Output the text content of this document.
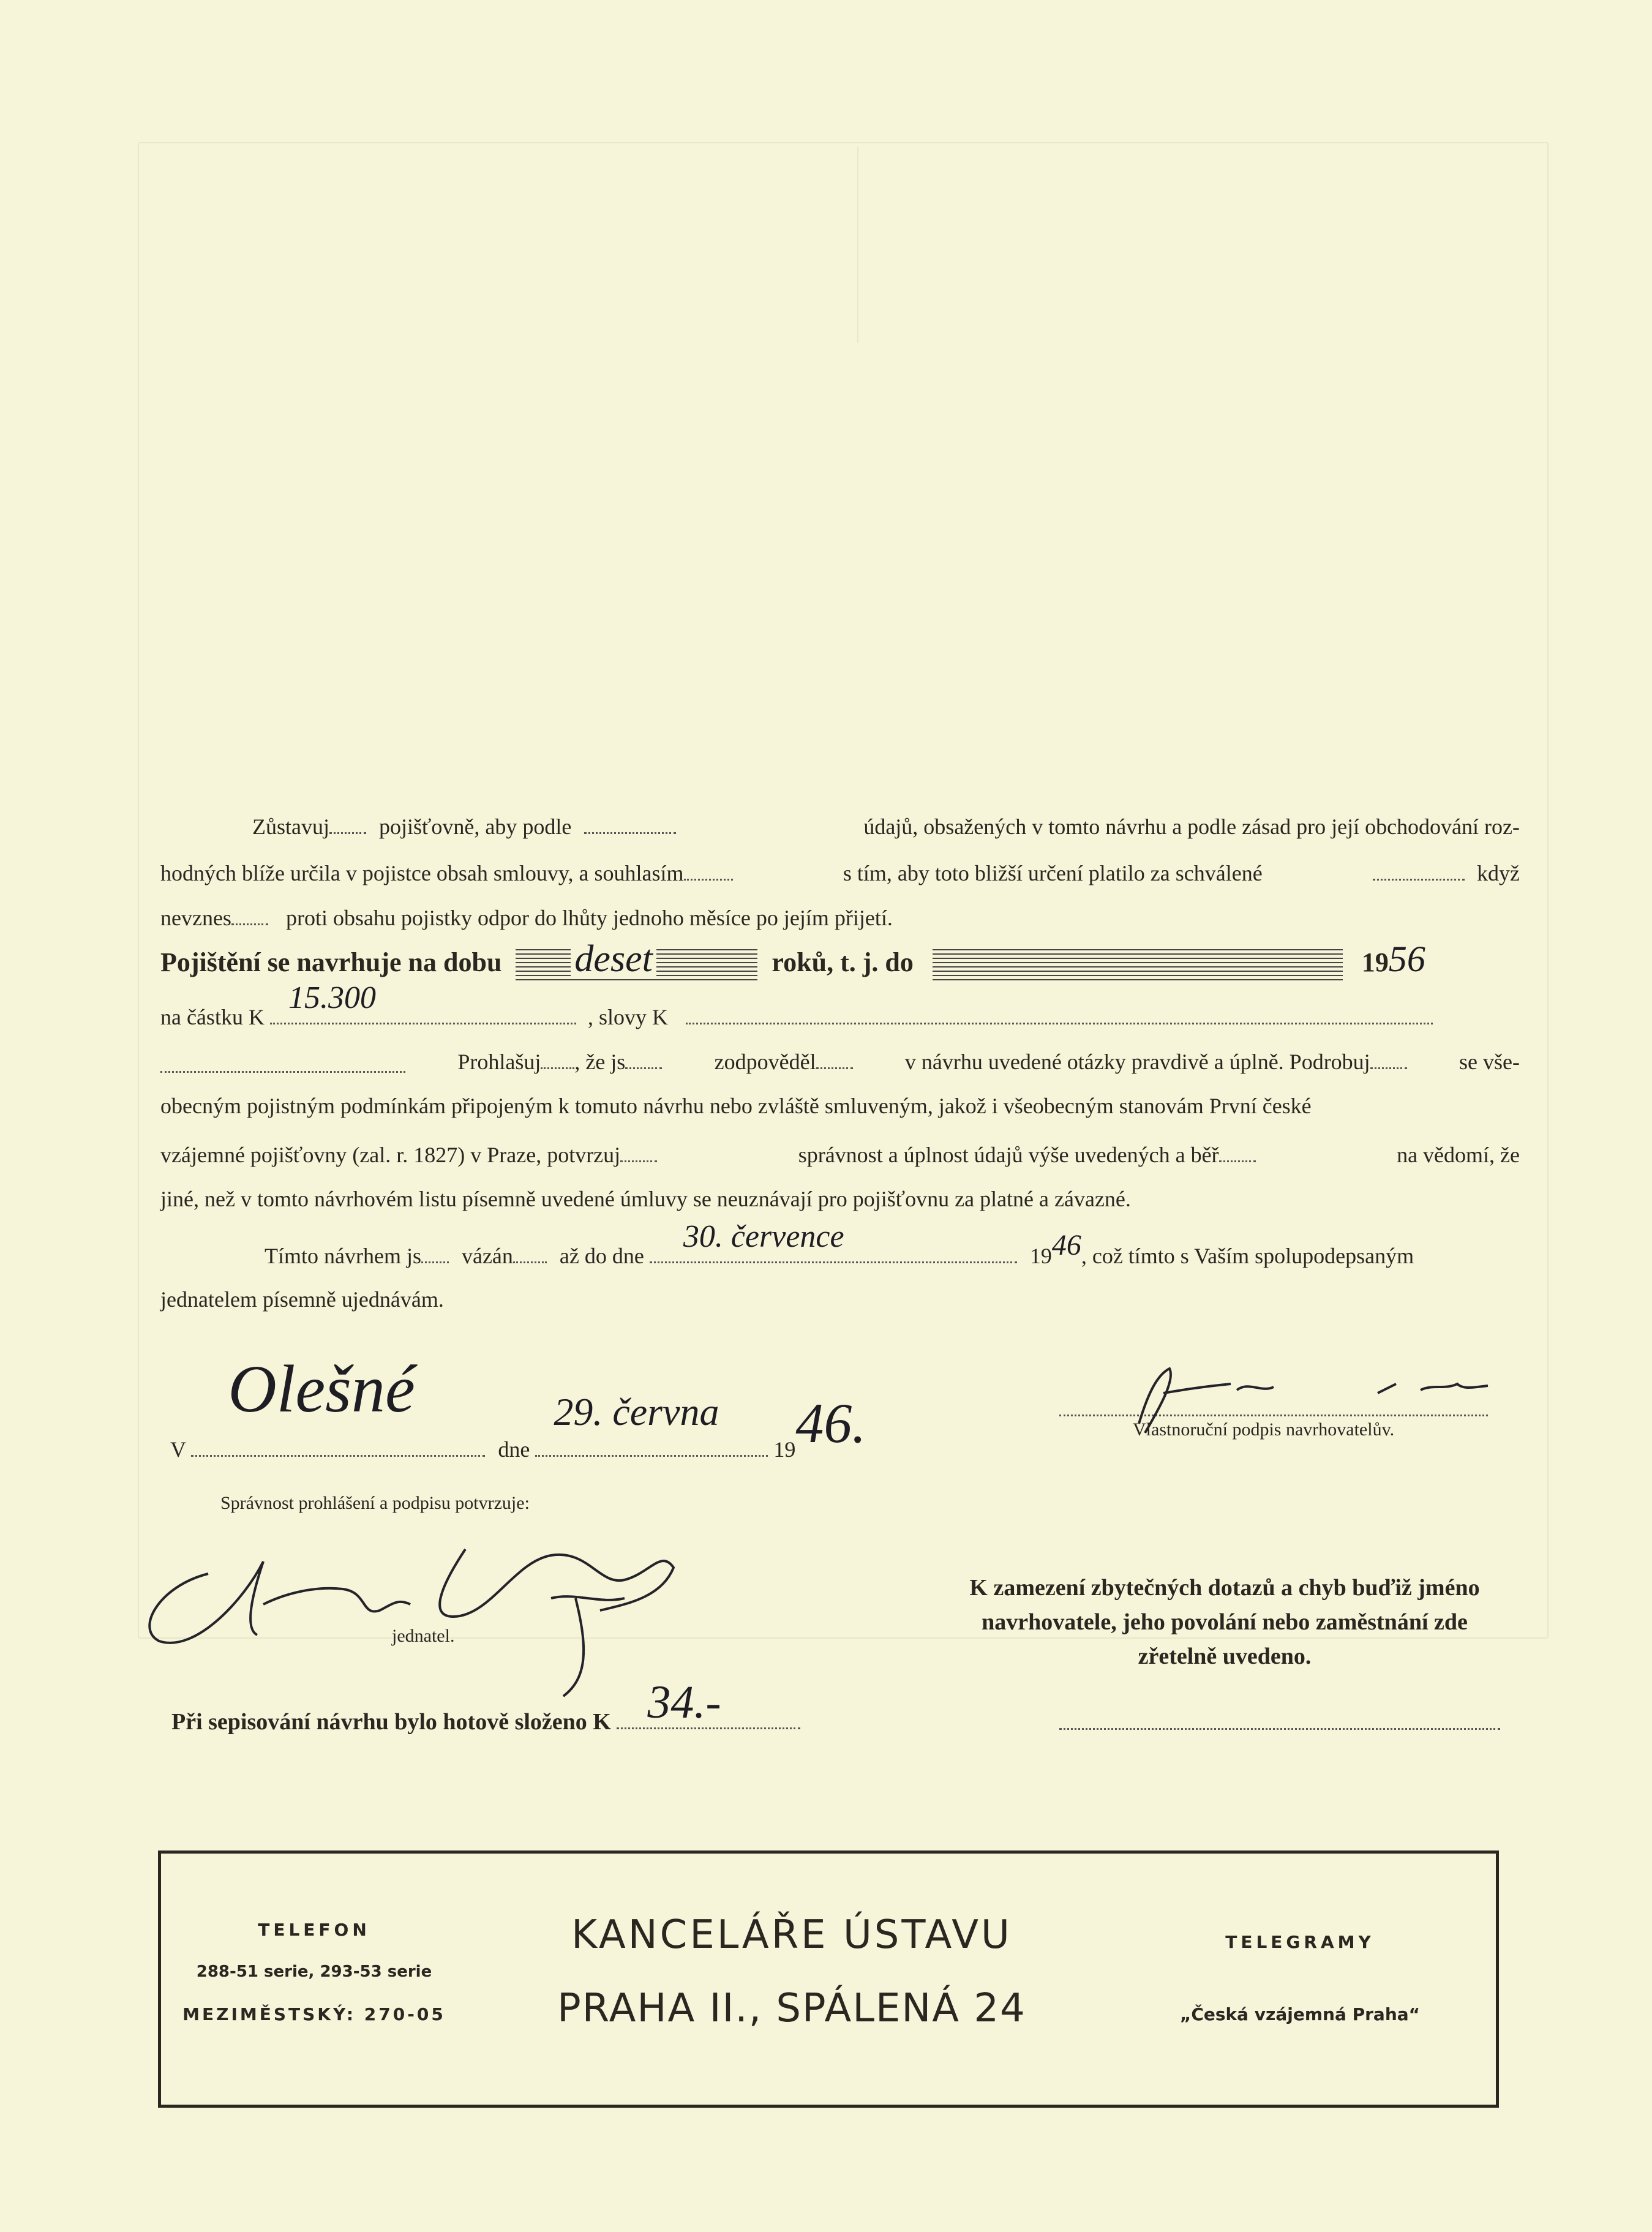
Zůstavuj pojišťovně, aby podle	údajů, obsažených v tomto návrhu a podle zásad pro její obchodování roz-
hodných blíže určila v pojistce obsah smlouvy, a souhlasím	s tím, aby toto bližší určení platilo za schválené	když
nevznes proti obsahu pojistky odpor do lhůty jednoho měsíce po jejím přijetí.
Pojištění se navrhuje na dobu deset	roků, t. j. do	1956
na částku K
15.300
, slovy K
Prohlašuj , že js	zodpověděl	v návrhu uvedené otázky pravdivě a úplně. Podrobuj	se vše-
obecným pojistným podmínkám připojeným k tomuto návrhu nebo zvláště smluveným, jakož i všeobecným stanovám První české
vzájemné pojišťovny (zal. r. 1827) v Praze, potvrzuj	správnost a úplnost údajů výše uvedených a běř	na vědomí, že
jiné, než v tomto návrhovém listu písemně uvedené úmluvy se neuznávají pro pojišťovnu za platné a závazné.
Tímto návrhem js vázán až do dne
30. července
1946, což tímto s Vaším spolupodepsaným
jednatelem písemně ujednávám.
V
Olešné
dne
29. června
1946.	Vlastnoruční podpis navrhovatelův.
Správnost prohlášení a podpisu potvrzuje:
jednatel.
Při sepisování návrhu bylo hotově složeno K 34.-
K zamezení zbytečných dotazů a chyb buďiž jméno
navrhovatele, jeho povolání nebo zaměstnání zde
zřetelně uvedeno.
TELEFON
288-51 serie, 293-53 serie
MEZIMĚSTSKÝ: 270-05
KANCELÁŘE ÚSTAVU
PRAHA II., SPÁLENÁ 24
TELEGRAMY
„Česká vzájemná Praha“
